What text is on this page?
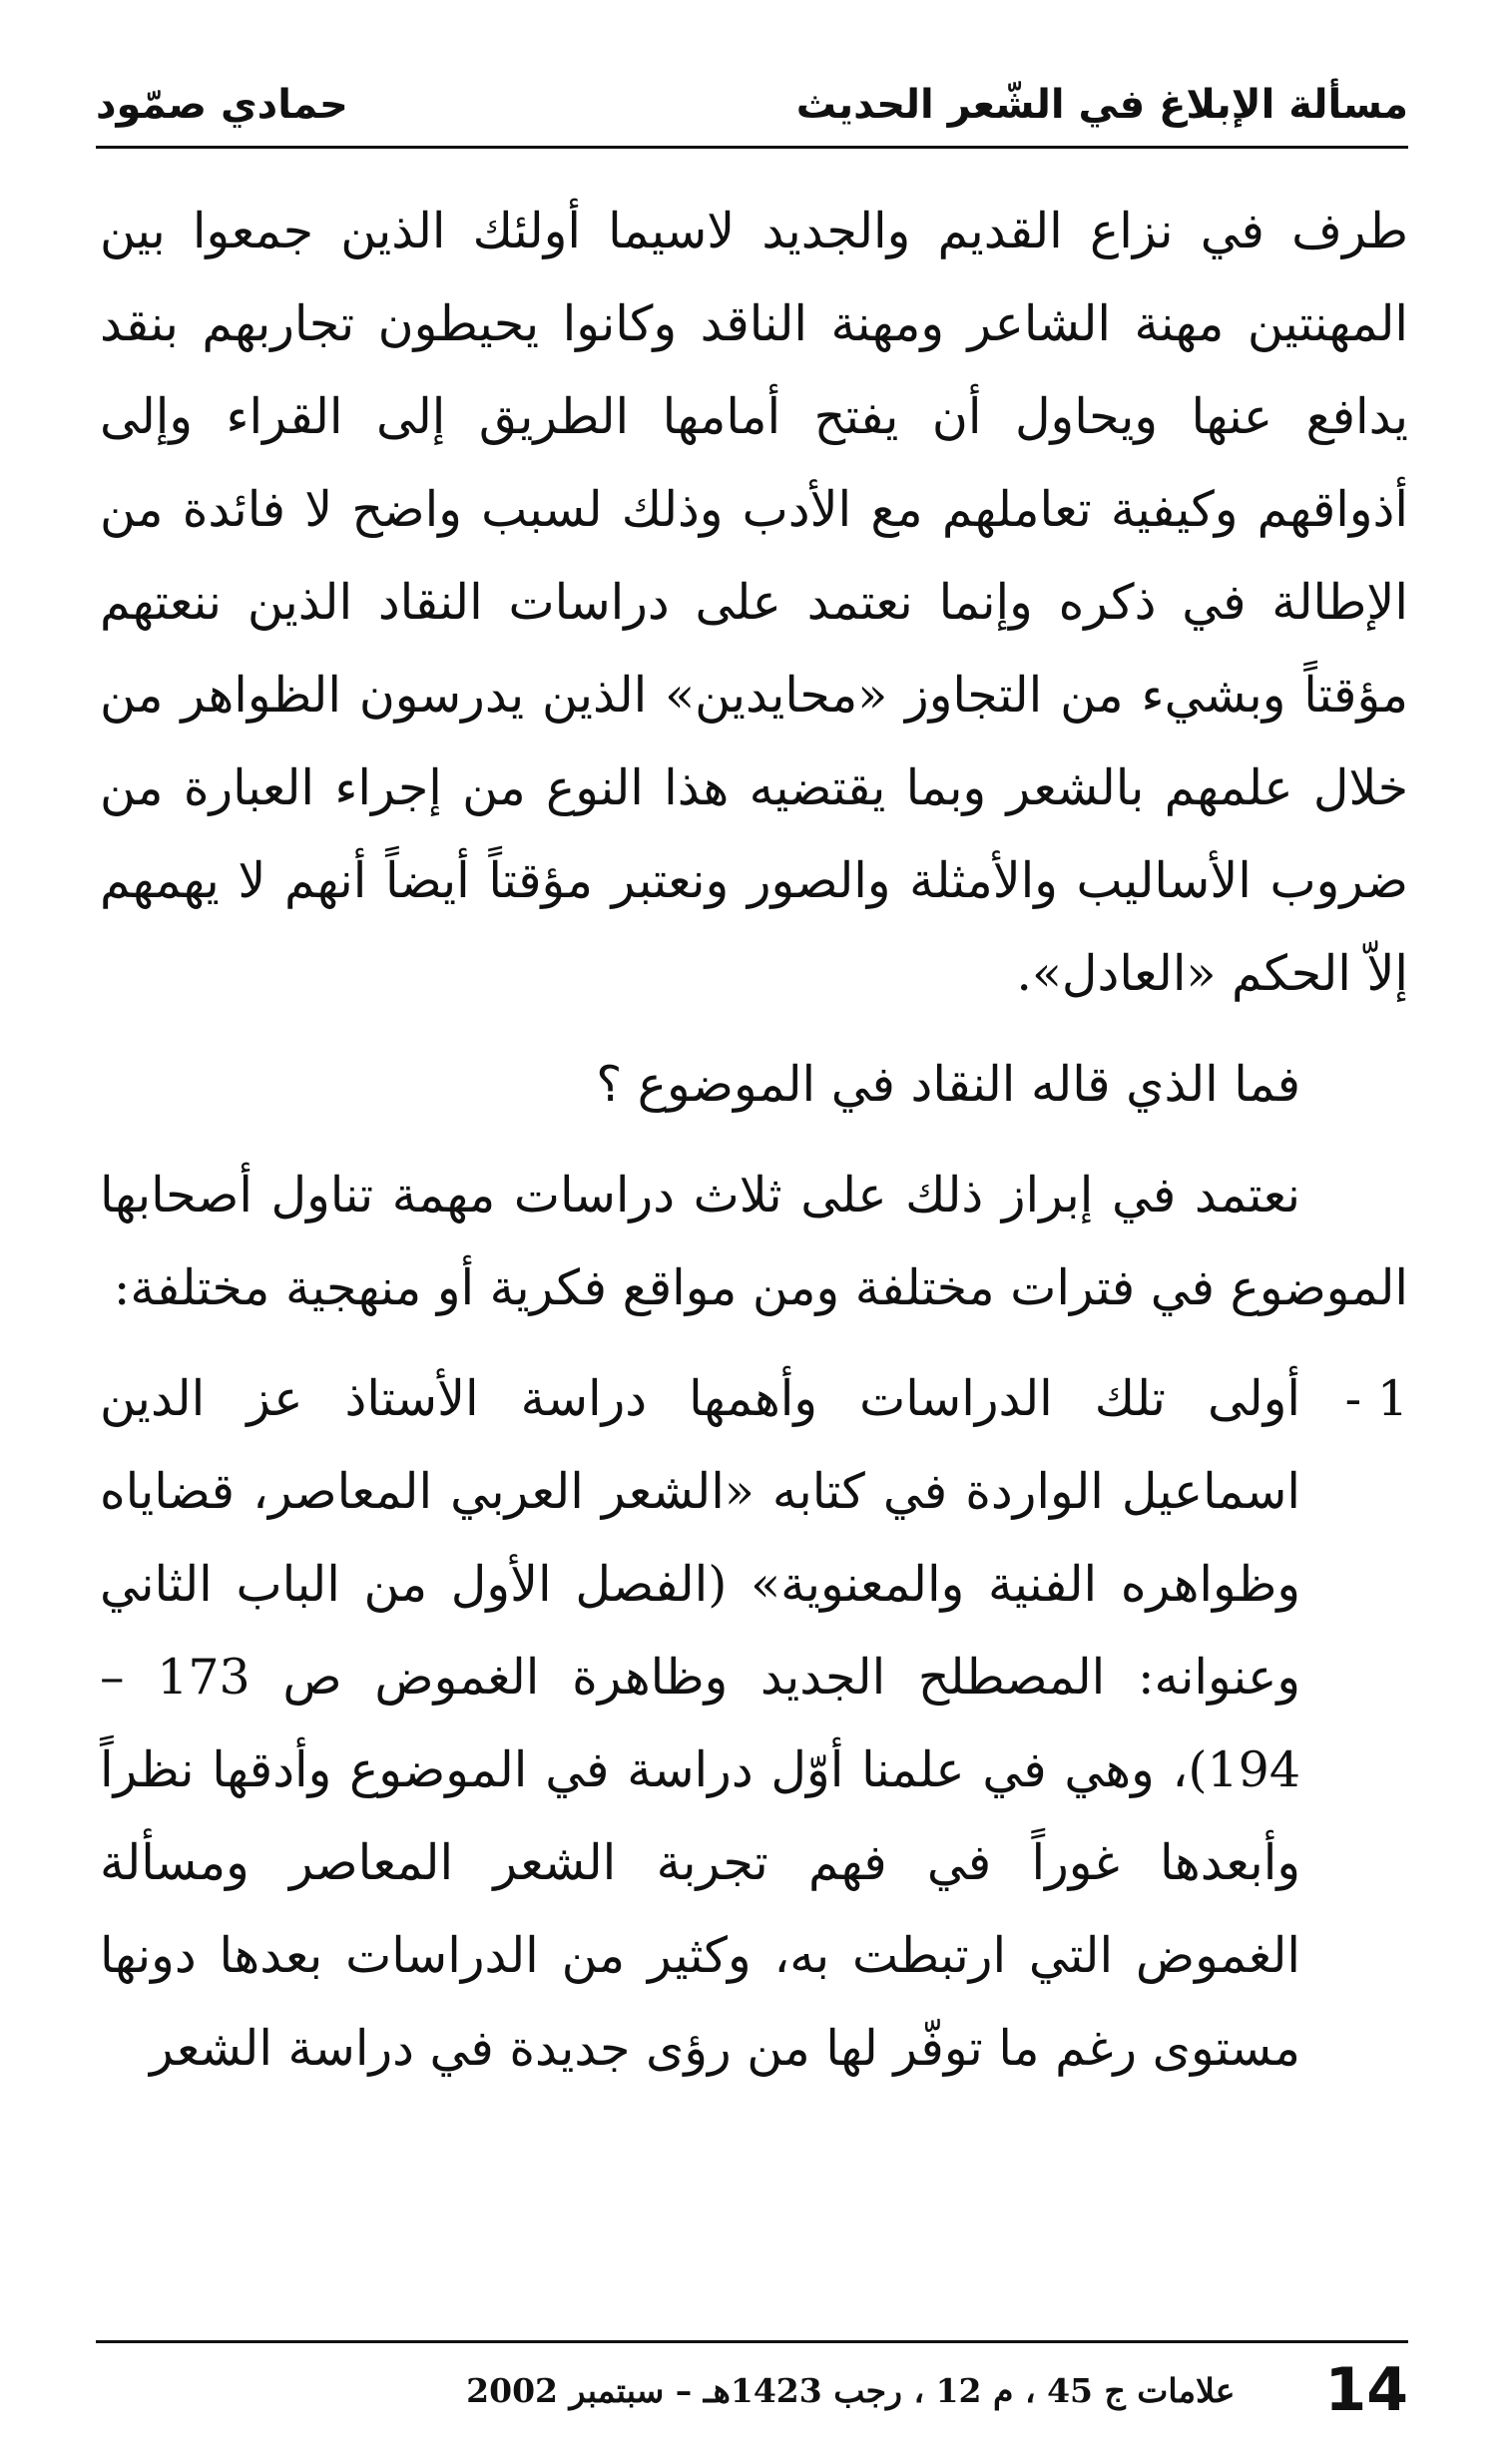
مسألة الإبلاغ في الشّعر الحديث
حمادي صمّود

طرف في نزاع القديم والجديد لاسيما أولئك الذين جمعوا بين المهنتين مهنة الشاعر ومهنة الناقد وكانوا يحيطون تجاربهم بنقد يدافع عنها ويحاول أن يفتح أمامها الطريق إلى القراء وإلى أذواقهم وكيفية تعاملهم مع الأدب وذلك لسبب واضح لا فائدة من الإطالة في ذكره وإنما نعتمد على دراسات النقاد الذين ننعتهم مؤقتاً وبشيء من التجاوز «محايدين» الذين يدرسون الظواهر من خلال علمهم بالشعر وبما يقتضيه هذا النوع من إجراء العبارة من ضروب الأساليب والأمثلة والصور ونعتبر مؤقتاً أيضاً أنهم لا يهمهم إلاّ الحكم «العادل».

فما الذي قاله النقاد في الموضوع ؟

نعتمد في إبراز ذلك على ثلاث دراسات مهمة تناول أصحابها الموضوع في فترات مختلفة ومن مواقع فكرية أو منهجية مختلفة:

1 -
أولى تلك الدراسات وأهمها دراسة الأستاذ عز الدين اسماعيل الواردة في كتابه «الشعر العربي المعاصر، قضاياه وظواهره الفنية والمعنوية» (الفصل الأول من الباب الثاني وعنوانه: المصطلح الجديد وظاهرة الغموض ص 173 – 194)، وهي في علمنا أوّل دراسة في الموضوع وأدقها نظراً وأبعدها غوراً في فهم تجربة الشعر المعاصر ومسألة الغموض التي ارتبطت به، وكثير من الدراسات بعدها دونها مستوى رغم ما توفّر لها من رؤى جديدة في دراسة الشعر
14
علامات ج 45 ، م 12 ، رجب 1423هـ – سبتمبر 2002
